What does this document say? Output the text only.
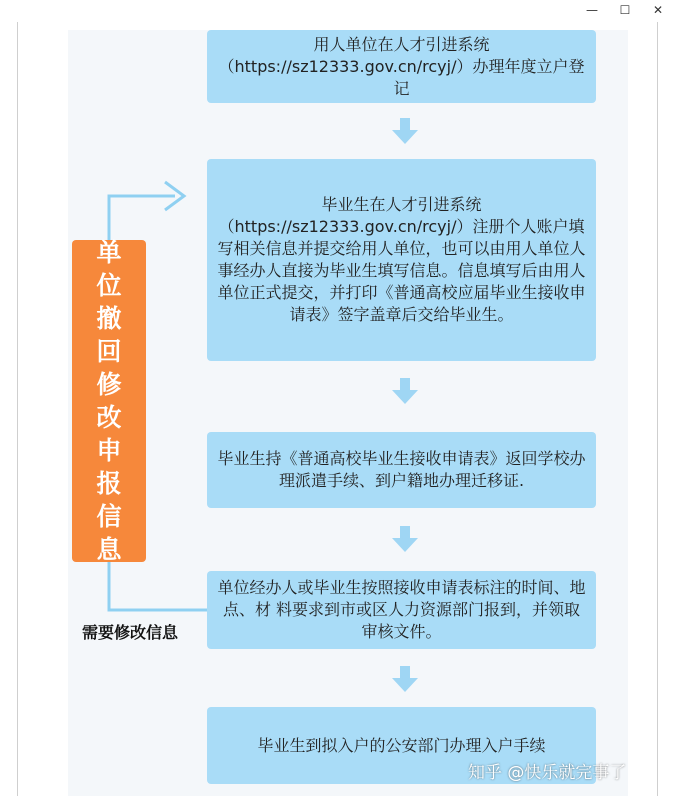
—	☐	✕
用人单位在人才引进系统（https://sz12333.gov.cn/rcyj/）办理年度立户登记
毕业生在人才引进系统（https://sz12333.gov.cn/rcyj/）注册个人账户填写相关信息并提交给用人单位，也可以由用人单位人事经办人直接为毕业生填写信息。信息填写后由用人单位正式提交，并打印《普通高校应届毕业生接收申请表》签字盖章后交给毕业生。
毕业生持《普通高校毕业生接收申请表》返回学校办理派遣手续、到户籍地办理迁移证.
单位经办人或毕业生按照接收申请表标注的时间、地点、材 料要求到市或区人力资源部门报到，并领取审核文件。
毕业生到拟入户的公安部门办理入户手续
单位撤回修改申报信息
需要修改信息
知乎 @快乐就完事了
